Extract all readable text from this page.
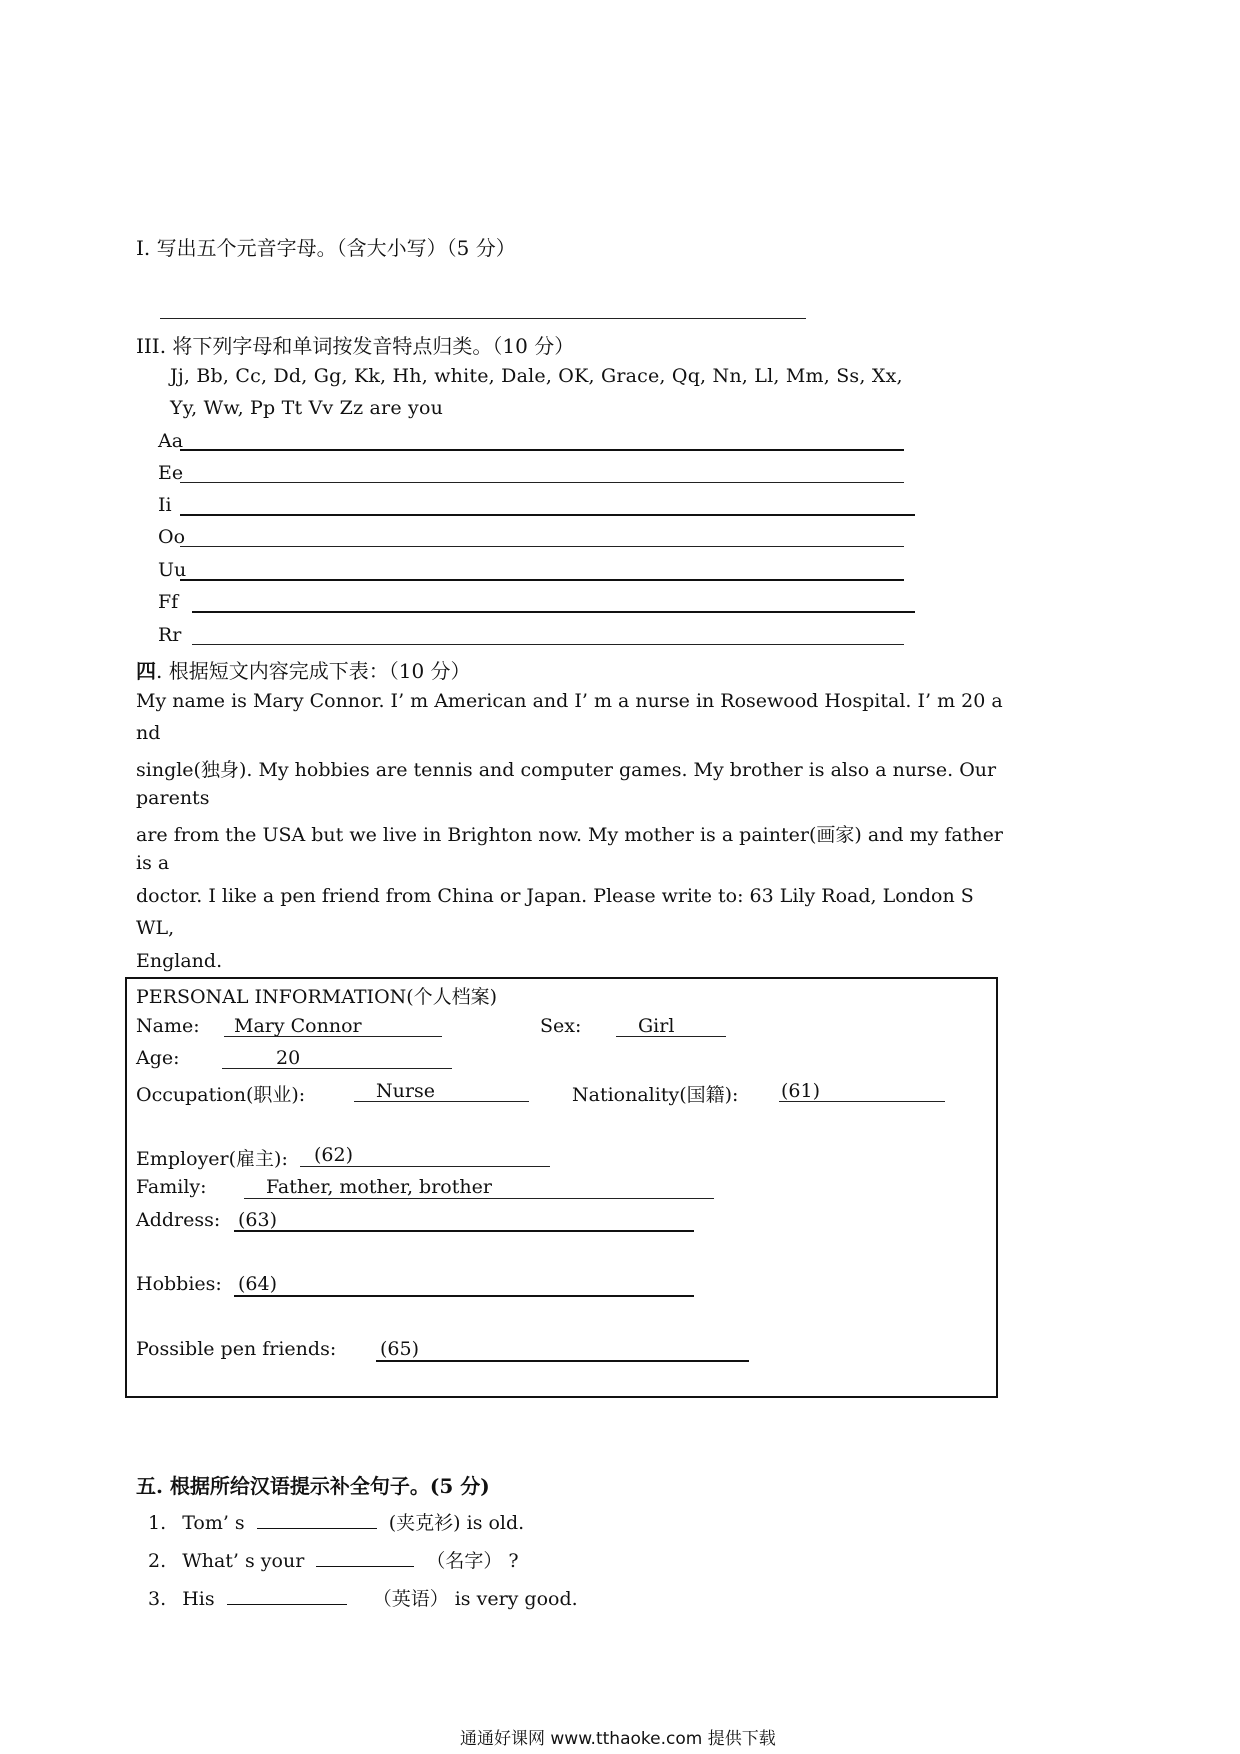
I. 写出五个元音字母。（含大小写）（5 分）
III. 将下列字母和单词按发音特点归类。（10 分）
Jj, Bb, Cc, Dd, Gg, Kk, Hh, white, Dale, OK, Grace, Qq, Nn, Ll, Mm, Ss, Xx,
Yy, Ww, Pp Tt Vv Zz are you
Aa
Ee
Ii
Oo
Uu
Ff
Rr
四. 根据短文内容完成下表：（10 分）
My name is Mary Connor. I’ m American and I’ m a nurse in Rosewood Hospital. I’ m 20 a
nd
single(独身). My hobbies are tennis and computer games. My brother is also a nurse. Our
parents
are from the USA but we live in Brighton now. My mother is a painter(画家) and my father
is a
doctor. I like a pen friend from China or Japan. Please write to: 63 Lily Road, London S
WL,
England.
PERSONAL INFORMATION(个人档案)
Name: Mary Connor	Sex:	Girl
Age:	20
Occupation(职业):	Nurse	Nationality(国籍): (61)
Employer(雇主): (62)
Family:	Father, mother, brother
Address: (63)
Hobbies: (64)
Possible pen friends: (65)
五. 根据所给汉语提示补全句子。(5 分)
1. Tom’ s	(夹克衫) is old.
2. What’ s your	（名字） ?
3. His	（英语） is very good.
通通好课网 www.tthaoke.com 提供下载
